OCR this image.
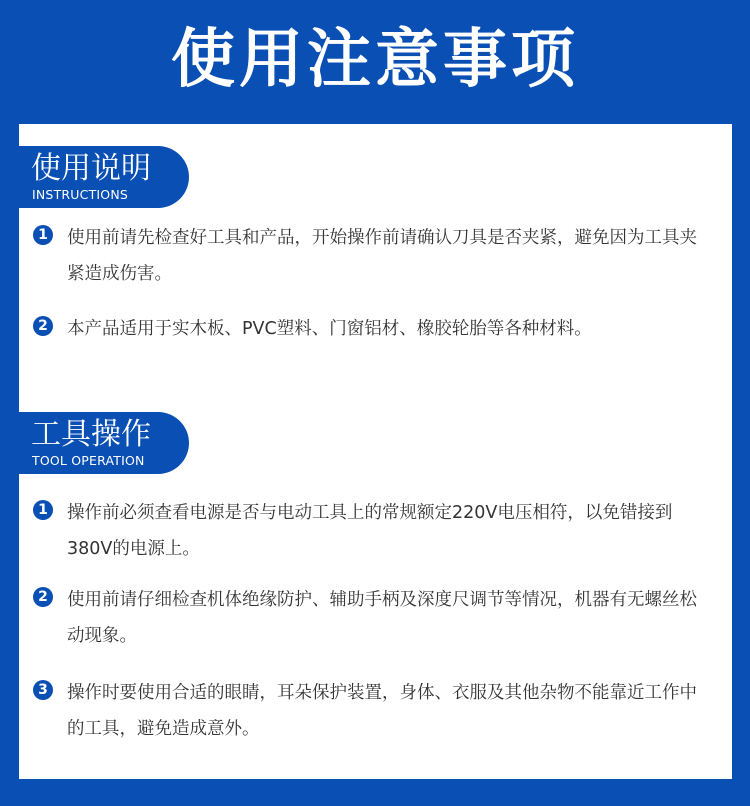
使用注意事项
使用说明
INSTRUCTIONS
1 使用前请先检查好工具和产品，开始操作前请确认刀具是否夹紧，避免因为工具夹紧造成伤害。

2 本产品适用于实木板、PVC塑料、门窗铝材、橡胶轮胎等各种材料。

工具操作
TOOL OPERATION
1 操作前必须查看电源是否与电动工具上的常规额定220V电压相符，以免错接到380V的电源上。

2 使用前请仔细检查机体绝缘防护、辅助手柄及深度尺调节等情况，机器有无螺丝松动现象。

3 操作时要使用合适的眼睛，耳朵保护装置，身体、衣服及其他杂物不能靠近工作中的工具，避免造成意外。
